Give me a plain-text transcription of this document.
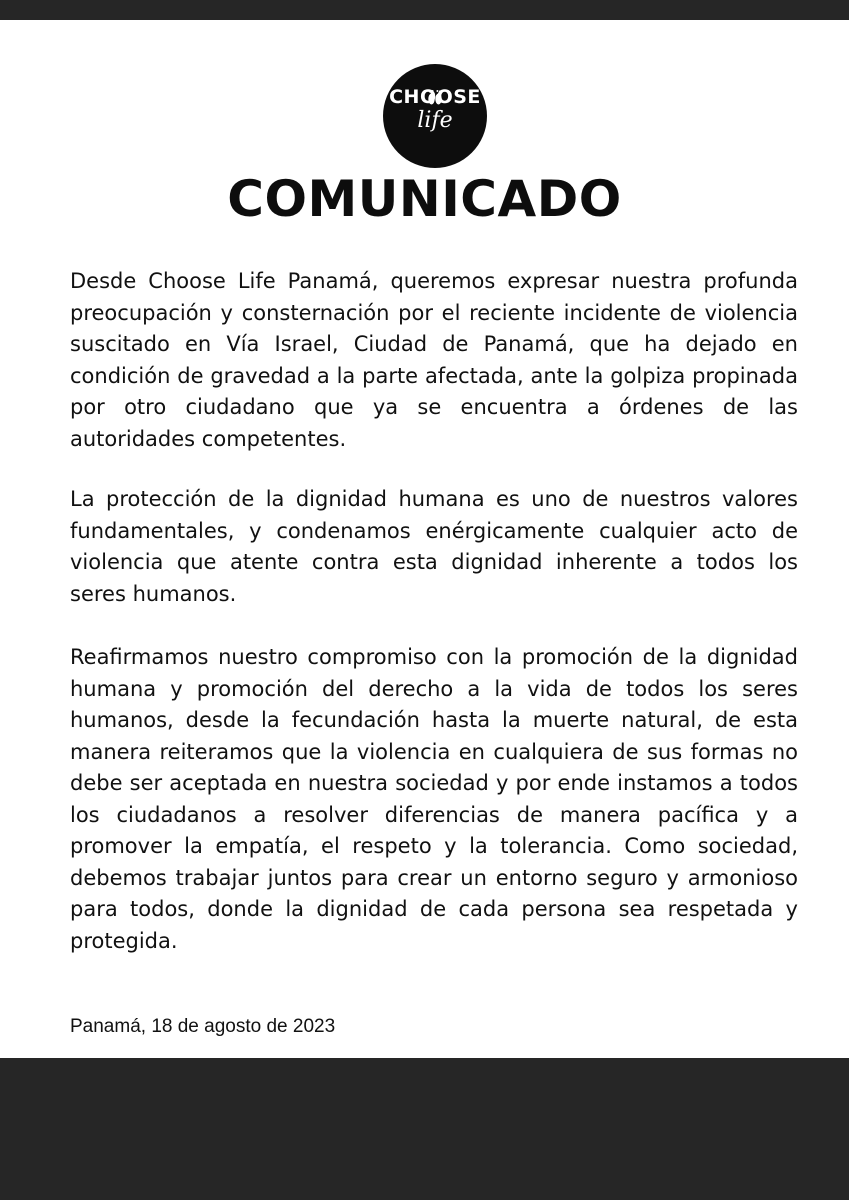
CHOOSE
life
COMUNICADO

Desde Choose Life Panamá, queremos expresar nuestra profunda preocupación y consternación por el reciente incidente de violencia suscitado en Vía Israel, Ciudad de Panamá, que ha dejado en condición de gravedad a la parte afectada, ante la golpiza propinada por otro ciudadano que ya se encuentra a órdenes de las autoridades competentes.

La protección de la dignidad humana es uno de nuestros valores fundamentales, y condenamos enérgicamente cualquier acto de violencia que atente contra esta dignidad inherente a todos los seres humanos.

Reafirmamos nuestro compromiso con la promoción de la dignidad humana y promoción del derecho a la vida de todos los seres humanos, desde la fecundación hasta la muerte natural, de esta manera reiteramos que la violencia en cualquiera de sus formas no debe ser aceptada en nuestra sociedad y por ende instamos a todos los ciudadanos a resolver diferencias de manera pacífica y a promover la empatía, el respeto y la tolerancia. Como sociedad, debemos trabajar juntos para crear un entorno seguro y armonioso para todos, donde la dignidad de cada persona sea respetada y protegida.

Panamá, 18 de agosto de 2023
